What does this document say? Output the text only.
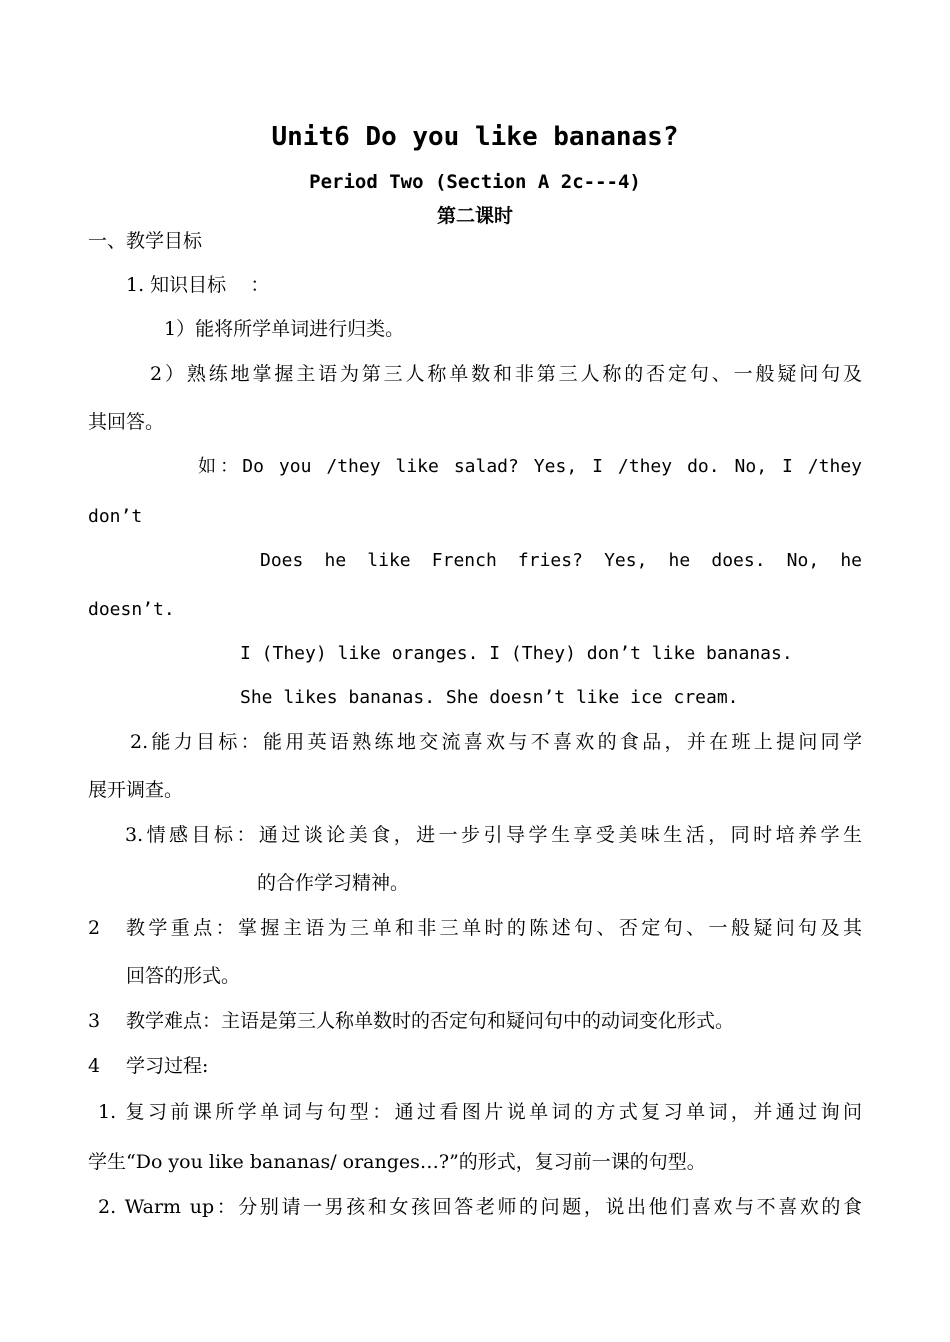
Unit6 Do you like bananas?
Period Two (Section A 2c---4)
第二课时
一、教学目标
1. 知识目标    ：
1）能将所学单词进行归类。
2）熟练地掌握主语为第三人称单数和非第三人称的否定句、一般疑问句及
其回答。
如：Do you /they like salad? Yes, I /they do. No, I /they
don’t
Does he like French fries? Yes, he does. No, he
doesn’t.
I (They) like oranges. I (They) don’t like bananas.
She likes bananas. She doesn’t like ice cream.
2.能力目标：能用英语熟练地交流喜欢与不喜欢的食品，并在班上提问同学
展开调查。
3.情感目标：通过谈论美食，进一步引导学生享受美味生活，同时培养学生
的合作学习精神。
2 教学重点：掌握主语为三单和非三单时的陈述句、否定句、一般疑问句及其
回答的形式。
3 教学难点：主语是第三人称单数时的否定句和疑问句中的动词变化形式。
4 学习过程:
1. 复习前课所学单词与句型：通过看图片说单词的方式复习单词，并通过询问
学生“Do you like bananas/ oranges…?”的形式，复习前一课的句型。
2. Warm up：分别请一男孩和女孩回答老师的问题，说出他们喜欢与不喜欢的食
